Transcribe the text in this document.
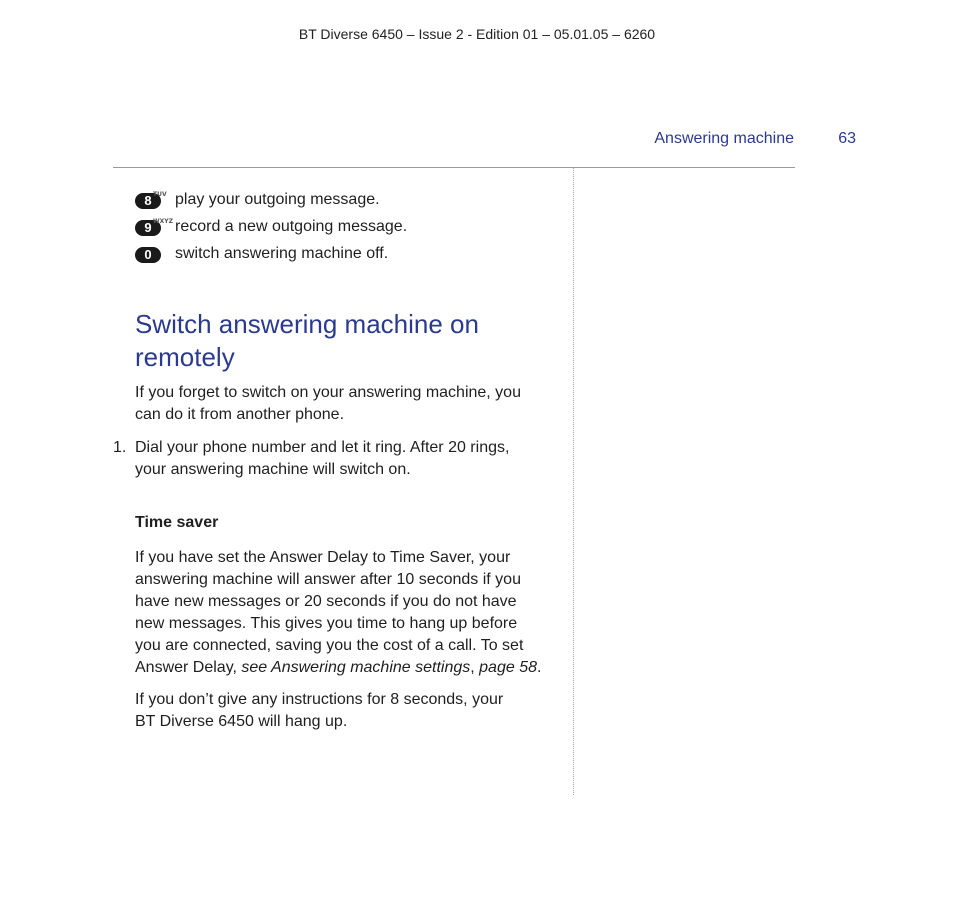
BT Diverse 6450 – Issue 2 - Edition 01 – 05.01.05 – 6260
Answering machine	63
8 TUV play your outgoing message.
9 WXYZ record a new outgoing message.
0	switch answering machine off.
Switch answering machine on
remotely

If you forget to switch on your answering machine, you
can do it from another phone.

1. Dial your phone number and let it ring. After 20 rings,
your answering machine will switch on.
Time saver

If you have set the Answer Delay to Time Saver, your
answering machine will answer after 10 seconds if you
have new messages or 20 seconds if you do not have
new messages. This gives you time to hang up before
you are connected, saving you the cost of a call. To set
Answer Delay, see Answering machine settings, page 58.

If you don’t give any instructions for 8 seconds, your
BT Diverse 6450 will hang up.
